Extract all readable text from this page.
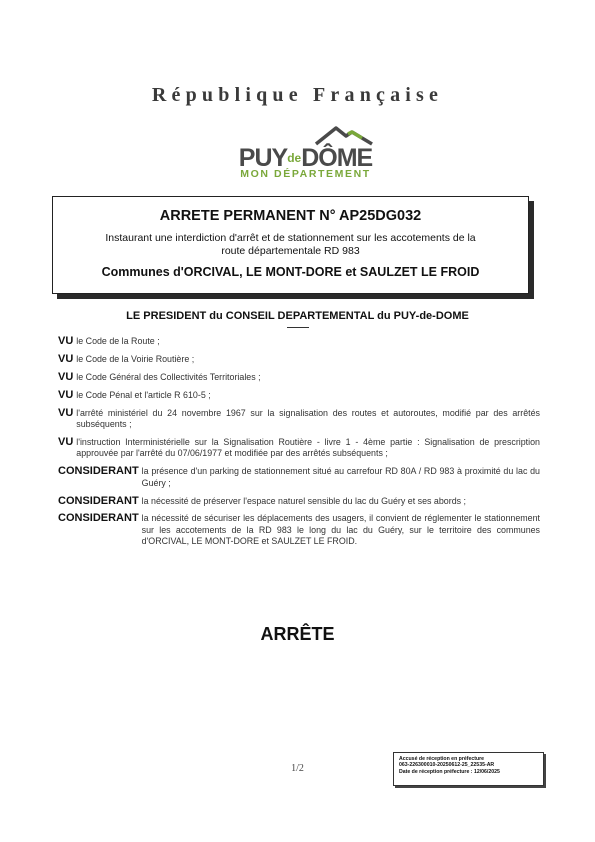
République Française
PUYdeDÔME
MON DÉPARTEMENT
ARRETE PERMANENT N° AP25DG032
Instaurant une interdiction d'arrêt et de stationnement sur les accotements de la route départementale RD 983
Communes d'ORCIVAL, LE MONT-DORE et SAULZET LE FROID
LE PRESIDENT du CONSEIL DEPARTEMENTAL du PUY-de-DOME
VU le Code de la Route ;
VU le Code de la Voirie Routière ;
VU le Code Général des Collectivités Territoriales ;
VU le Code Pénal et l'article R 610-5 ;
VU l'arrêté ministériel du 24 novembre 1967 sur la signalisation des routes et autoroutes, modifié par des arrêtés subséquents ;
VU l'instruction Interministérielle sur la Signalisation Routière - livre 1 - 4ème partie : Signalisation de prescription approuvée par l'arrêté du 07/06/1977 et modifiée par des arrêtés subséquents ;
CONSIDERANT la présence d'un parking de stationnement situé au carrefour RD 80A / RD 983 à proximité du lac du Guéry ;
CONSIDERANT la nécessité de préserver l'espace naturel sensible du lac du Guéry et ses abords ;
CONSIDERANT la nécessité de sécuriser les déplacements des usagers, il convient de réglementer le stationnement sur les accotements de la RD 983 le long du lac du Guéry, sur le territoire des communes d'ORCIVAL, LE MONT-DORE et SAULZET LE FROID.
ARRÊTE
1/2
Accusé de réception en préfecture
063-226300010-20250612-25_22535-AR
Date de réception préfecture : 12/06/2025
